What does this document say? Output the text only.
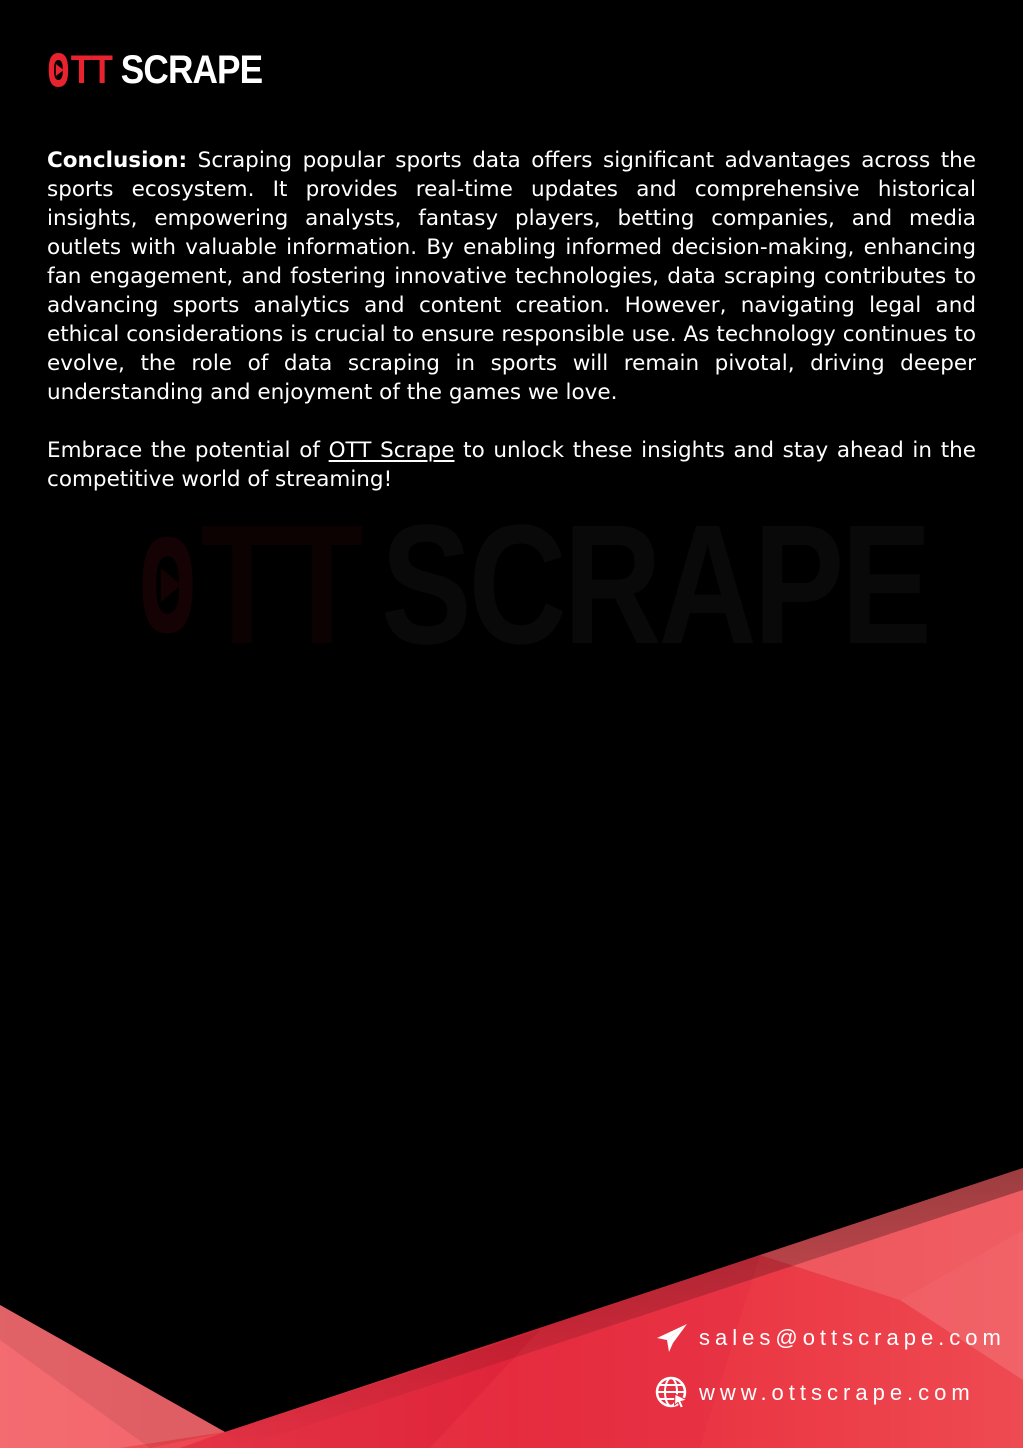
TT SCRAPE
TT SCRAPE

Conclusion: Scraping popular sports data offers significant advantages across the sports ecosystem. It provides real-time updates and comprehensive historical insights, empowering analysts, fantasy players, betting companies, and media outlets with valuable information. By enabling informed decision-making, enhancing fan engagement, and fostering innovative technologies, data scraping contributes to advancing sports analytics and content creation. However, navigating legal and ethical considerations is crucial to ensure responsible use. As technology continues to evolve, the role of data scraping in sports will remain pivotal, driving deeper understanding and enjoyment of the games we love.

Embrace the potential of OTT Scrape to unlock these insights and stay ahead in the competitive world of streaming!

sales@ottscrape.com
www.ottscrape.com
